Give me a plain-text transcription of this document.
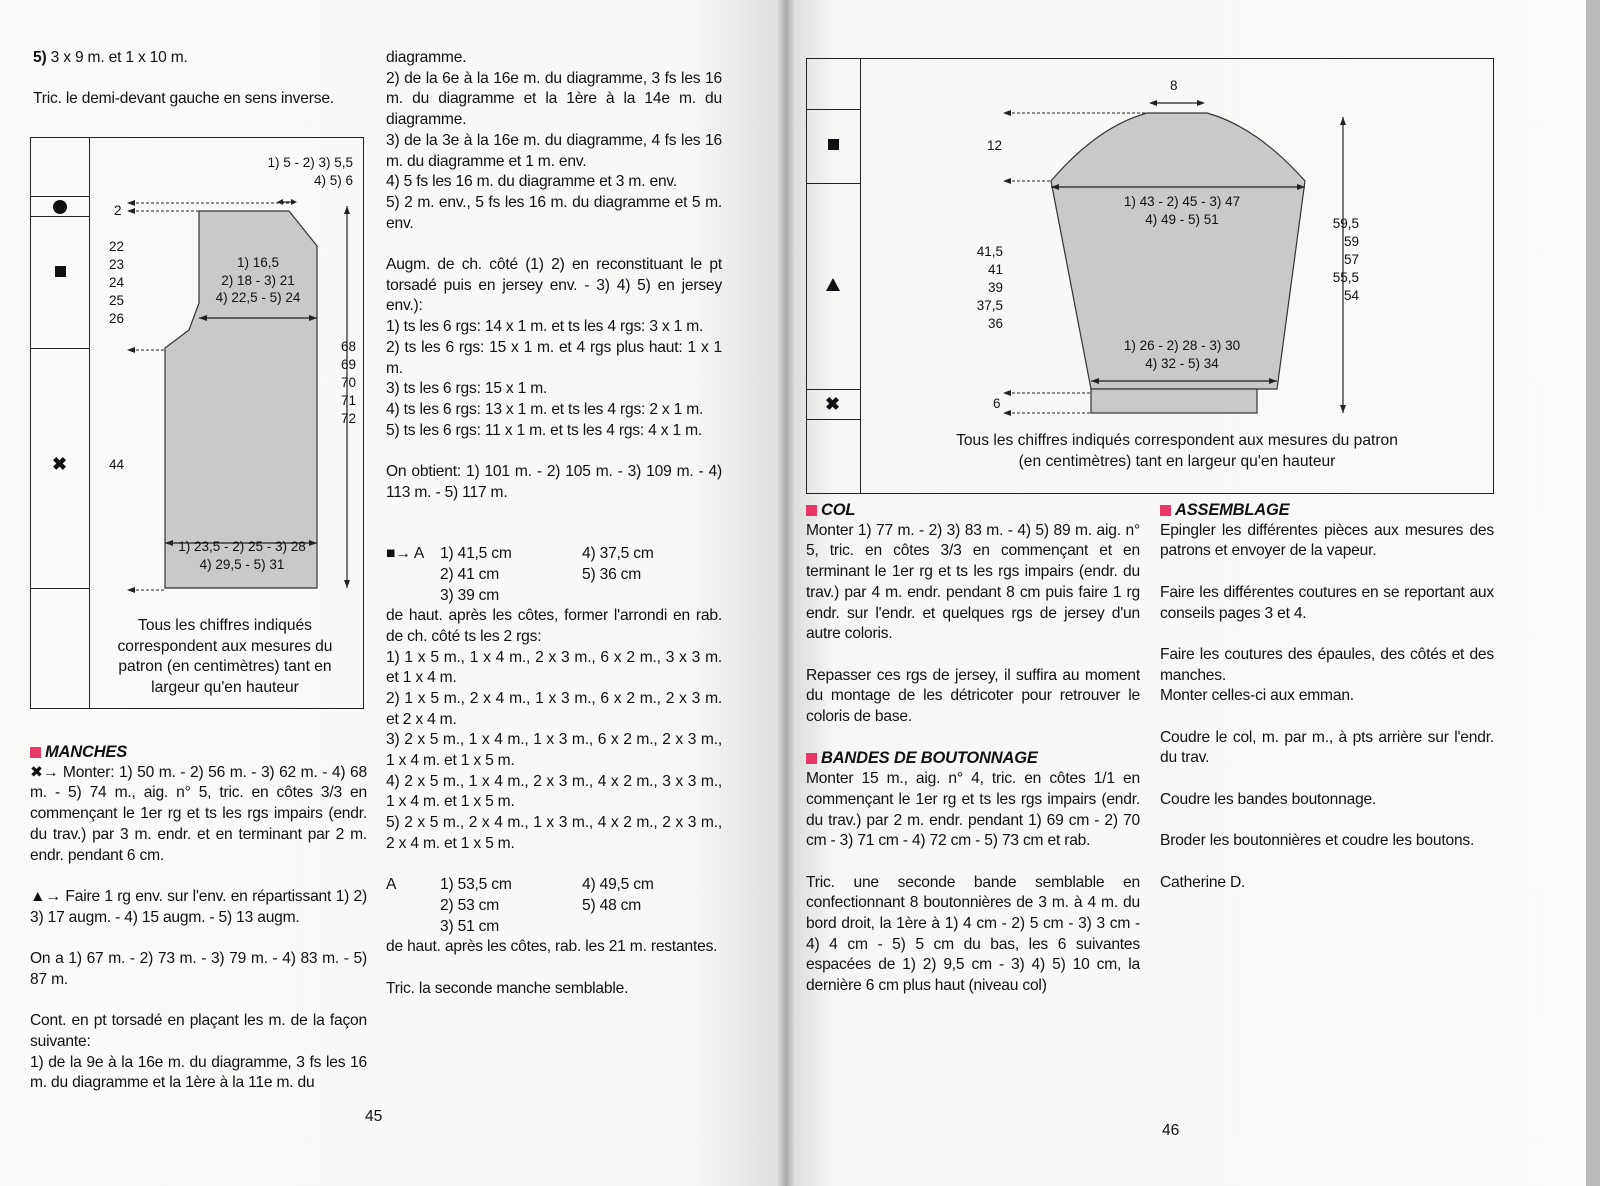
5) 3 x 9 m. et 1 x 10 m.
Tric. le demi-devant gauche en sens inverse.
✖
1) 5 - 2) 3) 5,5
4) 5) 6
2
22
23
24
25
26
1) 16,5
2) 18 - 3) 21
4) 22,5 - 5) 24
68
69
70
71
72
44
1) 23,5 - 2) 25 - 3) 28
4) 29,5 - 5) 31
Tous les chiffres indiqués correspondent aux mesures du patron (en centimètres) tant en largeur qu'en hauteur
MANCHES

✖→ Monter: 1) 50 m. - 2) 56 m. - 3) 62 m. - 4) 68 m. - 5) 74 m., aig. n° 5, tric. en côtes 3/3 en commençant le 1er rg et ts les rgs impairs (endr. du trav.) par 3 m. endr. et en terminant par 2 m. endr. pendant 6 cm.

▲→ Faire 1 rg env. sur l'env. en répartissant 1) 2) 3) 17 augm. - 4) 15 augm. - 5) 13 augm.

On a 1) 67 m. - 2) 73 m. - 3) 79 m. - 4) 83 m. - 5) 87 m.

Cont. en pt torsadé en plaçant les m. de la façon suivante:

1) de la 9e à la 16e m. du diagramme, 3 fs les 16 m. du diagramme et la 1ère à la 11e m. du

diagramme.

2) de la 6e à la 16e m. du diagramme, 3 fs les 16 m. du diagramme et la 1ère à la 14e m. du diagramme.

3) de la 3e à la 16e m. du diagramme, 4 fs les 16 m. du diagramme et 1 m. env.

4) 5 fs les 16 m. du diagramme et 3 m. env.

5) 2 m. env., 5 fs les 16 m. du diagramme et 5 m. env.

Augm. de ch. côté (1) 2) en reconstituant le pt torsadé puis en jersey env. - 3) 4) 5) en jersey env.):

1) ts les 6 rgs: 14 x 1 m. et ts les 4 rgs: 3 x 1 m.

2) ts les 6 rgs: 15 x 1 m. et 4 rgs plus haut: 1 x 1 m.

3) ts les 6 rgs: 15 x 1 m.

4) ts les 6 rgs: 13 x 1 m. et ts les 4 rgs: 2 x 1 m.

5) ts les 6 rgs: 11 x 1 m. et ts les 4 rgs: 4 x 1 m.

On obtient: 1) 101 m. - 2) 105 m. - 3) 109 m. - 4) 113 m. - 5) 117 m.

■→ A 1) 41,5 cm
2) 41 cm
3) 39 cm
4) 37,5 cm
5) 36 cm

de haut. après les côtes, former l'arrondi en rab. de ch. côté ts les 2 rgs:

1) 1 x 5 m., 1 x 4 m., 2 x 3 m., 6 x 2 m., 3 x 3 m. et 1 x 4 m.

2) 1 x 5 m., 2 x 4 m., 1 x 3 m., 6 x 2 m., 2 x 3 m. et 2 x 4 m.

3) 2 x 5 m., 1 x 4 m., 1 x 3 m., 6 x 2 m., 2 x 3 m., 1 x 4 m. et 1 x 5 m.

4) 2 x 5 m., 1 x 4 m., 2 x 3 m., 4 x 2 m., 3 x 3 m., 1 x 4 m. et 1 x 5 m.

5) 2 x 5 m., 2 x 4 m., 1 x 3 m., 4 x 2 m., 2 x 3 m., 2 x 4 m. et 1 x 5 m.

A	1) 53,5 cm
2) 53 cm
3) 51 cm
4) 49,5 cm
5) 48 cm

de haut. après les côtes, rab. les 21 m. restantes.

Tric. la seconde manche semblable.

45
✖
8
12
1) 43 - 2) 45 - 3) 47
4) 49 - 5) 51
41,5
41
39
37,5
36
59,5
59
57
55,5
54
1) 26 - 2) 28 - 3) 30
4) 32 - 5) 34
6
Tous les chiffres indiqués correspondent aux mesures du patron (en centimètres) tant en largeur qu'en hauteur
COL

Monter 1) 77 m. - 2) 3) 83 m. - 4) 5) 89 m. aig. n° 5, tric. en côtes 3/3 en commençant et en terminant le 1er rg et ts les rgs impairs (endr. du trav.) par 4 m. endr. pendant 8 cm puis faire 1 rg endr. sur l'endr. et quelques rgs de jersey d'un autre coloris.

Repasser ces rgs de jersey, il suffira au moment du montage de les détricoter pour retrouver le coloris de base.

BANDES DE BOUTONNAGE

Monter 15 m., aig. n° 4, tric. en côtes 1/1 en commençant le 1er rg et ts les rgs impairs (endr. du trav.) par 2 m. endr. pendant 1) 69 cm - 2) 70 cm - 3) 71 cm - 4) 72 cm - 5) 73 cm et rab.

Tric. une seconde bande semblable en confectionnant 8 boutonnières de 3 m. à 4 m. du bord droit, la 1ère à 1) 4 cm - 2) 5 cm - 3) 3 cm - 4) 4 cm - 5) 5 cm du bas, les 6 suivantes espacées de 1) 2) 9,5 cm - 3) 4) 5) 10 cm, la dernière 6 cm plus haut (niveau col)

ASSEMBLAGE

Epingler les différentes pièces aux mesures des patrons et envoyer de la vapeur.

Faire les différentes coutures en se reportant aux conseils pages 3 et 4.

Faire les coutures des épaules, des côtés et des manches.

Monter celles-ci aux emman.

Coudre le col, m. par m., à pts arrière sur l'endr. du trav.

Coudre les bandes boutonnage.

Broder les boutonnières et coudre les boutons.

Catherine D.

46
